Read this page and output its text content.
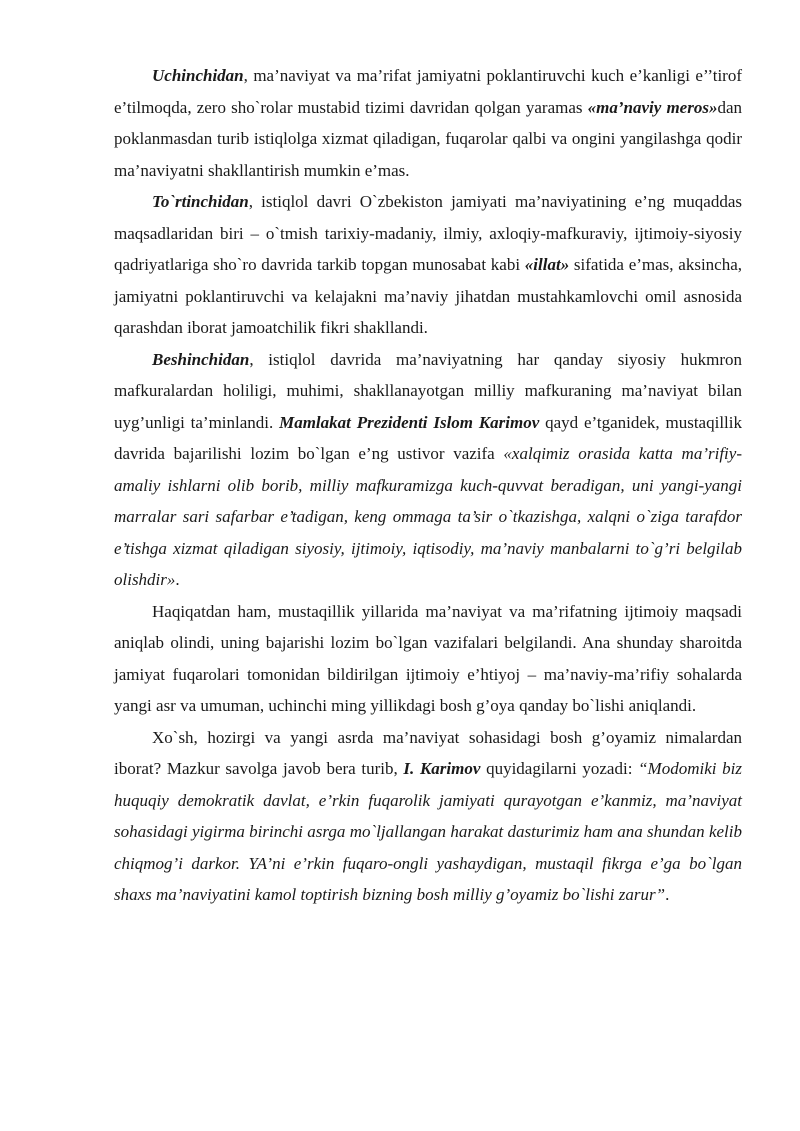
Uchinchidan, ma’naviyat va ma’rifat jamiyatni poklantiruvchi kuch e’kanligi e’’tirof e’tilmoqda, zero sho`rolar mustabid tizimi davridan qolgan yaramas «ma’naviy meros»dan poklanmasdan turib istiqlolga xizmat qiladigan, fuqarolar qalbi va ongini yangilashga qodir ma’naviyatni shakllantirish mumkin e’mas.

To`rtinchidan, istiqlol davri O`zbekiston jamiyati ma’naviyatining e’ng muqaddas maqsadlaridan biri – o`tmish tarixiy-madaniy, ilmiy, axloqiy-mafkuraviy, ijtimoiy-siyosiy qadriyatlariga sho`ro davrida tarkib topgan munosabat kabi «illat» sifatida e’mas, aksincha, jamiyatni poklantiruvchi va kelajakni ma’naviy jihatdan mustahkamlovchi omil asnosida qarashdan iborat jamoatchilik fikri shakllandi.

Beshinchidan, istiqlol davrida ma’naviyatning har qanday siyosiy hukmron mafkuralardan holiligi, muhimi, shakllanayotgan milliy mafkuraning ma’naviyat bilan uyg’unligi ta’minlandi. Mamlakat Prezidenti Islom Karimov qayd e’tganidek, mustaqillik davrida bajarilishi lozim bo`lgan e’ng ustivor vazifa «xalqimiz orasida katta ma’rifiy-amaliy ishlarni olib borib, milliy mafkuramizga kuch-quvvat beradigan, uni yangi-yangi marralar sari safarbar e’tadigan, keng ommaga ta’sir o`tkazishga, xalqni o`ziga tarafdor e’tishga xizmat qiladigan siyosiy, ijtimoiy, iqtisodiy, ma’naviy manbalarni to`g’ri belgilab olishdir».

Haqiqatdan ham, mustaqillik yillarida ma’naviyat va ma’rifatning ijtimoiy maqsadi aniqlab olindi, uning bajarishi lozim bo`lgan vazifalari belgilandi. Ana shunday sharoitda jamiyat fuqarolari tomonidan bildirilgan ijtimoiy e’htiyoj – ma’naviy-ma’rifiy sohalarda yangi asr va umuman, uchinchi ming yillikdagi bosh g’oya qanday bo`lishi aniqlandi.

Xo`sh, hozirgi va yangi asrda ma’naviyat sohasidagi bosh g’oyamiz nimalardan iborat? Mazkur savolga javob bera turib, I. Karimov quyidagilarni yozadi: “Modomiki biz huquqiy demokratik davlat, e’rkin fuqarolik jamiyati qurayotgan e’kanmiz, ma’naviyat sohasidagi yigirma birinchi asrga mo`ljallangan harakat dasturimiz ham ana shundan kelib chiqmog’i darkor. YA’ni e’rkin fuqaro-ongli yashaydigan, mustaqil fikrga e’ga bo`lgan shaxs ma’naviyatini kamol toptirish bizning bosh milliy g’oyamiz bo`lishi zarur”.
